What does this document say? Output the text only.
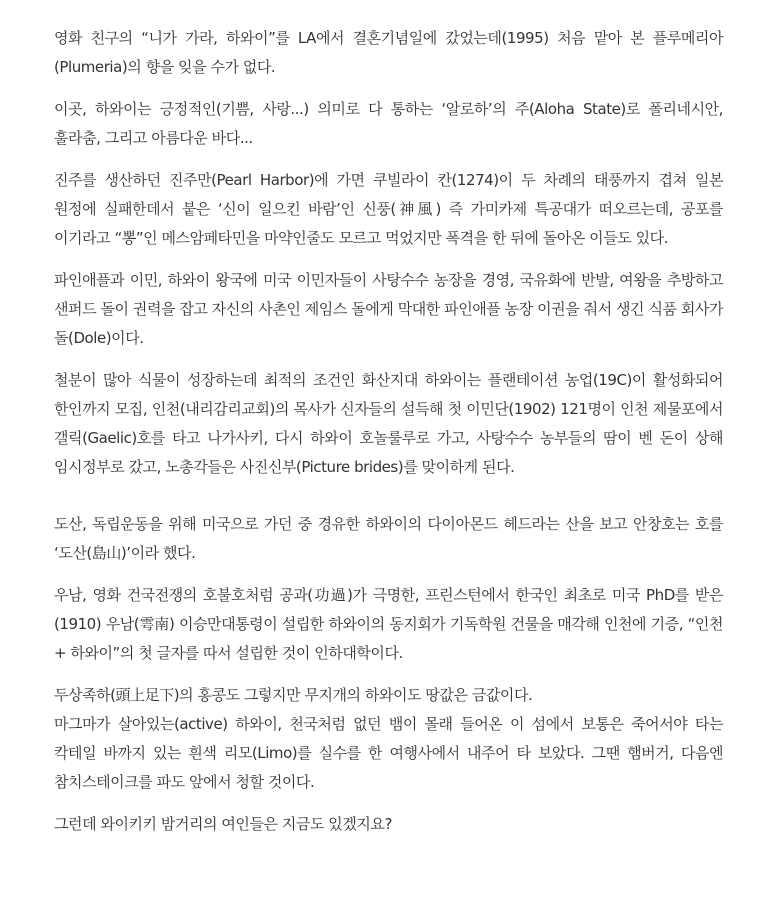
영화 친구의 “니가 가라, 하와이”를 LA에서 결혼기념일에 갔었는데(1995) 처음 맡아 본 플루메리아(Plumeria)의 향을 잊을 수가 없다.

이곳, 하와이는 긍정적인(기쁨, 사랑...) 의미로 다 통하는 ‘알로하’의 주(Aloha State)로 폴리네시안, 훌라춤, 그리고 아름다운 바다...

진주를 생산하던 진주만(Pearl Harbor)에 가면 쿠빌라이 칸(1274)이 두 차례의 태풍까지 겹쳐 일본 원정에 실패한데서 붙은 ‘신이 일으킨 바람’인 신풍(神風) 즉 가미카제 특공대가 떠오르는데, 공포를 이기라고 “뽕”인 메스암페타민을 마약인줄도 모르고 먹었지만 폭격을 한 뒤에 돌아온 이들도 있다.

파인애플과 이민, 하와이 왕국에 미국 이민자들이 사탕수수 농장을 경영, 국유화에 반발, 여왕을 추방하고 샌퍼드 돌이 권력을 잡고 자신의 사촌인 제임스 돌에게 막대한 파인애플 농장 이권을 줘서 생긴 식품 회사가 돌(Dole)이다.

철분이 많아 식물이 성장하는데 최적의 조건인 화산지대 하와이는 플랜테이션 농업(19C)이 활성화되어 한인까지 모집, 인천(내리감리교회)의 목사가 신자들의 설득해 첫 이민단(1902) 121명이 인천 제물포에서 갤릭(Gaelic)호를 타고 나가사키, 다시 하와이 호놀룰루로 가고, 사탕수수 농부들의 땀이 벤 돈이 상해 임시정부로 갔고, 노총각들은 사진신부(Picture brides)를 맞이하게 된다.

도산, 독립운동을 위해 미국으로 가던 중 경유한 하와이의 다이아몬드 헤드라는 산을 보고 안창호는 호를 ‘도산(島山)’이라 했다.

우남, 영화 건국전쟁의 호불호처럼 공과(功過)가 극명한, 프린스턴에서 한국인 최초로 미국 PhD를 받은(1910) 우남(雩南) 이승만대통령이 설립한 하와이의 동지회가 기독학원 건물을 매각해 인천에 기증, “인천 + 하와이”의 첫 글자를 따서 설립한 것이 인하대학이다.

두상족하(頭上足下)의 홍콩도 그렇지만 무지개의 하와이도 땅값은 금값이다.

마그마가 살아있는(active) 하와이, 천국처럼 없던 뱀이 몰래 들어온 이 섬에서 보통은 죽어서야 타는 칵테일 바까지 있는 흰색 리모(Limo)를 실수를 한 여행사에서 내주어 타 보았다. 그땐 햄버거, 다음엔 참치스테이크를 파도 앞에서 청할 것이다.

그런데 와이키키 밤거리의 여인들은 지금도 있겠지요?
